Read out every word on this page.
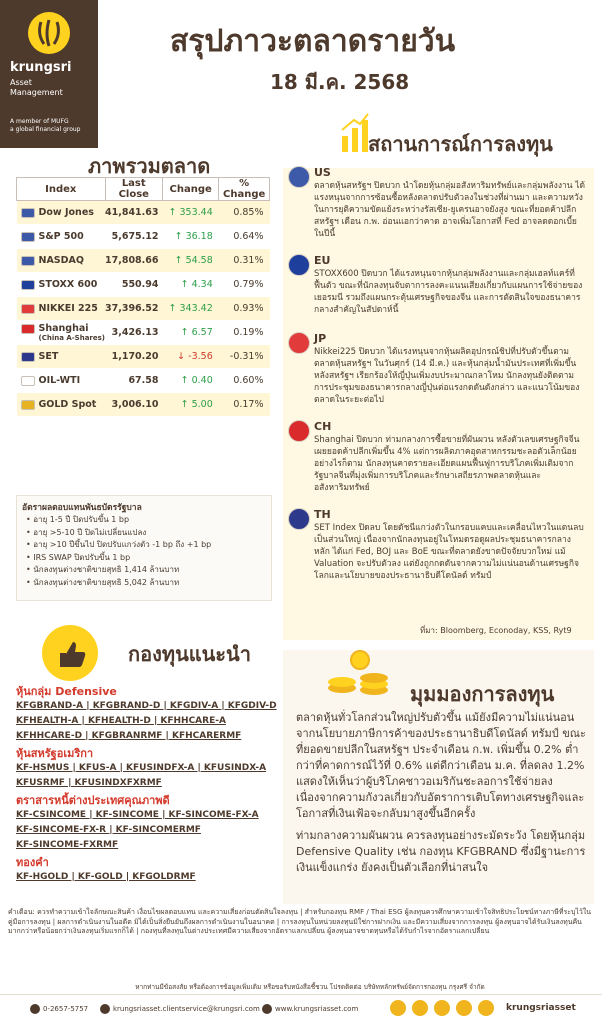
krungsri
Asset
Management
A member of MUFG
a global financial group
สรุปภาวะตลาดรายวัน
18 มี.ค. 2568
ภาพรวมตลาด
Index	Last Close	Change	% Change
Dow Jones	41,841.63	↑ 353.44	0.85%
S&P 500	5,675.12	↑ 36.18	0.64%
NASDAQ	17,808.66	↑ 54.58	0.31%
STOXX 600	550.94	↑ 4.34	0.79%
NIKKEI 225	37,396.52	↑ 343.42	0.93%
Shanghai
(China A-Shares)	3,426.13	↑ 6.57	0.19%
SET	1,170.20	↓ -3.56	-0.31%
OIL-WTI	67.58	↑ 0.40	0.60%
GOLD Spot	3,006.10	↑ 5.00	0.17%
อัตราผลตอบแทนพันธบัตรรัฐบาล
• อายุ 1-5 ปี ปิดปรับขึ้น 1 bp
• อายุ >5-10 ปี ปิดไม่เปลี่ยนแปลง
• อายุ >10 ปีขึ้นไป ปิดปรับแกว่งตัว -1 bp ถึง +1 bp
• IRS SWAP ปิดปรับขึ้น 1 bp
• นักลงทุนต่างชาติขายสุทธิ 1,414 ล้านบาท
• นักลงทุนต่างชาติขายสุทธิ 5,042 ล้านบาท
กองทุนแนะนำ
หุ้นกลุ่ม Defensive
KFGBRAND-A | KFGBRAND-D | KFGDIV-A | KFGDIV-D
KFHEALTH-A | KFHEALTH-D | KFHHCARE-A
KFHHCARE-D | KFGBRANRMF | KFHCARERMF
หุ้นสหรัฐอเมริกา
KF-HSMUS | KFUS-A | KFUSINDFX-A | KFUSINDX-A
KFUSRMF | KFUSINDXFXRMF
ตราสารหนี้ต่างประเทศคุณภาพดี
KF-CSINCOME | KF-SINCOME | KF-SINCOME-FX-A
KF-SINCOME-FX-R | KF-SINCOMERMF
KF-SINCOME-FXRMF
ทองคำ
KF-HGOLD | KF-GOLD | KFGOLDRMF
สถานการณ์การลงทุน
US
ตลาดหุ้นสหรัฐฯ ปิดบวก นำโดยหุ้นกลุ่มอสังหาริมทรัพย์และกลุ่มพลังงาน ได้แรงหนุนจากการซ้อนซื้อหลังตลาดปรับตัวลงในช่วงที่ผ่านมา และความหวังในการยุติความขัดแย้งระหว่างรัสเซีย-ยูเครนอาจยังสูง ขณะที่ยอดค้าปลีกสหรัฐฯ เดือน ก.พ. อ่อนแอกว่าคาด อาจเพิ่มโอกาสที่ Fed อาจลดดอกเบี้ยในปีนี้
EU
STOXX600 ปิดบวก ได้แรงหนุนจากหุ้นกลุ่มพลังงานและกลุ่มเฮลท์แคร์ที่ฟื้นตัว ขณะที่นักลงทุนจับตาการลงคะแนนเสียงเกี่ยวกับแผนการใช้จ่ายของเยอรมนี รวมถึงแผนกระตุ้นเศรษฐกิจของจีน และการตัดสินใจของธนาคารกลางสำคัญในสัปดาห์นี้
JP
Nikkei225 ปิดบวก ได้แรงหนุนจากหุ้นผลิตอุปกรณ์ชิปที่ปรับตัวขึ้นตามตลาดหุ้นสหรัฐฯ ในวันศุกร์ (14 มี.ค.) และหุ้นกลุ่มน้ำมันประเทศที่เพิ่มขึ้น หลังสหรัฐฯ เรียกร้องให้ญี่ปุ่นเพิ่มงบประมาณกลาโหม นักลงทุนยังติดตามการประชุมของธนาคารกลางญี่ปุ่นต่อแรงกดดันดังกล่าว และแนวโน้มของตลาดในระยะต่อไป
CH
Shanghai ปิดบวก ท่ามกลางการซื้อขายที่ผันผวน หลังตัวเลขเศรษฐกิจจีนเผยยอดค้าปลีกเพิ่มขึ้น 4% แต่การผลิตภาคอุตสาหกรรมชะลอตัวเล็กน้อย อย่างไรก็ตาม นักลงทุนคาดรายละเอียดแผนฟื้นฟูการบริโภคเพิ่มเติมจากรัฐบาลจีนที่มุ่งเพิ่มการบริโภคและรักษาเสถียรภาพตลาดหุ้นและอสังหาริมทรัพย์
TH
SET Index ปิดลบ โดยดัชนีแกว่งตัวในกรอบแคบและเคลื่อนไหวในแดนลบเป็นส่วนใหญ่ เนื่องจากนักลงทุนอยู่ในโหมดรอดูผลประชุมธนาคารกลางหลัก ได้แก่ Fed, BOJ และ BoE ขณะที่ตลาดยังขาดปัจจัยบวกใหม่ แม้ Valuation จะปรับตัวลง แต่ยังถูกกดดันจากความไม่แน่นอนด้านเศรษฐกิจโลกและนโยบายของประธานาธิบดีโดนัลด์ ทรัมป์
ที่มา: Bloomberg, Econoday, KSS, Ryt9
มุมมองการลงทุน

ตลาดหุ้นทั่วโลกส่วนใหญ่ปรับตัวขึ้น แม้ยังมีความไม่แน่นอนจากนโยบายภาษีการค้าของประธานาธิบดีโดนัลด์ ทรัมป์ ขณะที่ยอดขายปลีกในสหรัฐฯ ประจำเดือน ก.พ. เพิ่มขึ้น 0.2% ต่ำกว่าที่คาดการณ์ไว้ที่ 0.6% แต่ดีกว่าเดือน ม.ค. ที่ลดลง 1.2% แสดงให้เห็นว่าผู้บริโภคชาวอเมริกันชะลอการใช้จ่ายลง เนื่องจากความกังวลเกี่ยวกับอัตราการเติบโตทางเศรษฐกิจและโอกาสที่เงินเฟ้อจะกลับมาสูงขึ้นอีกครั้ง

ท่ามกลางความผันผวน ควรลงทุนอย่างระมัดระวัง โดยหุ้นกลุ่ม Defensive Quality เช่น กองทุน KFGBRAND ซึ่งมีฐานะการเงินแข็งแกร่ง ยังคงเป็นตัวเลือกที่น่าสนใจ

คำเตือน: ควรทำความเข้าใจลักษณะสินค้า เงื่อนไขผลตอบแทน และความเสี่ยงก่อนตัดสินใจลงทุน | สำหรับกองทุน RMF / Thai ESG ผู้ลงทุนควรศึกษาความเข้าใจสิทธิประโยชน์ทางภาษีที่ระบุไว้ในคู่มือการลงทุน | ผลการดำเนินงานในอดีต มิได้เป็นสิ่งยืนยันถึงผลการดำเนินงานในอนาคต | การลงทุนในหน่วยลงทุนมิใช่การฝากเงิน และมีความเสี่ยงจากการลงทุน ผู้ลงทุนอาจได้รับเงินลงทุนคืนมากกว่าหรือน้อยกว่าเงินลงทุนเริ่มแรกก็ได้ | กองทุนที่ลงทุนในต่างประเทศมีความเสี่ยงจากอัตราแลกเปลี่ยน ผู้ลงทุนอาจขาดทุนหรือได้รับกำไรจากอัตราแลกเปลี่ยน
หากท่านมีข้อสงสัย หรือต้องการข้อมูลเพิ่มเติม หรือขอรับหนังสือชี้ชวน โปรดติดต่อ บริษัทหลักทรัพย์จัดการกองทุน กรุงศรี จำกัด
0-2657-5757	krungsriasset.clientservice@krungsri.com	www.krungsriasset.com	krungsriasset
